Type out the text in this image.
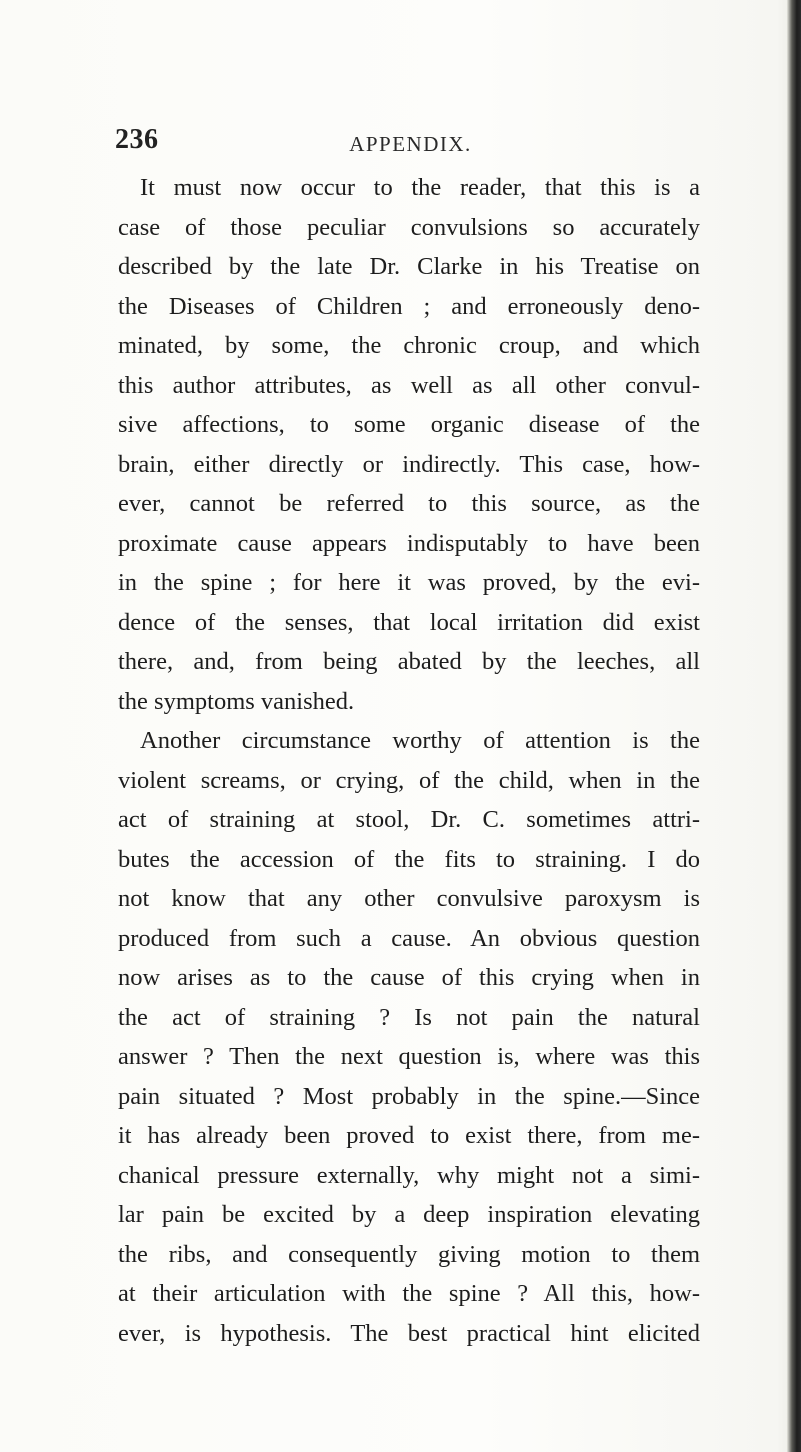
236	APPENDIX.
It must now occur to the reader, that this is a
case of those peculiar convulsions so accurately
described by the late Dr. Clarke in his Treatise on
the Diseases of Children ; and erroneously deno-
minated, by some, the chronic croup, and which
this author attributes, as well as all other convul-
sive affections, to some organic disease of the
brain, either directly or indirectly. This case, how-
ever, cannot be referred to this source, as the
proximate cause appears indisputably to have been
in the spine ; for here it was proved, by the evi-
dence of the senses, that local irritation did exist
there, and, from being abated by the leeches, all
the symptoms vanished.
Another circumstance worthy of attention is the
violent screams, or crying, of the child, when in the
act of straining at stool, Dr. C. sometimes attri-
butes the accession of the fits to straining. I do
not know that any other convulsive paroxysm is
produced from such a cause. An obvious question
now arises as to the cause of this crying when in
the act of straining ? Is not pain the natural
answer ? Then the next question is, where was this
pain situated ? Most probably in the spine.—Since
it has already been proved to exist there, from me-
chanical pressure externally, why might not a simi-
lar pain be excited by a deep inspiration elevating
the ribs, and consequently giving motion to them
at their articulation with the spine ? All this, how-
ever, is hypothesis. The best practical hint elicited
